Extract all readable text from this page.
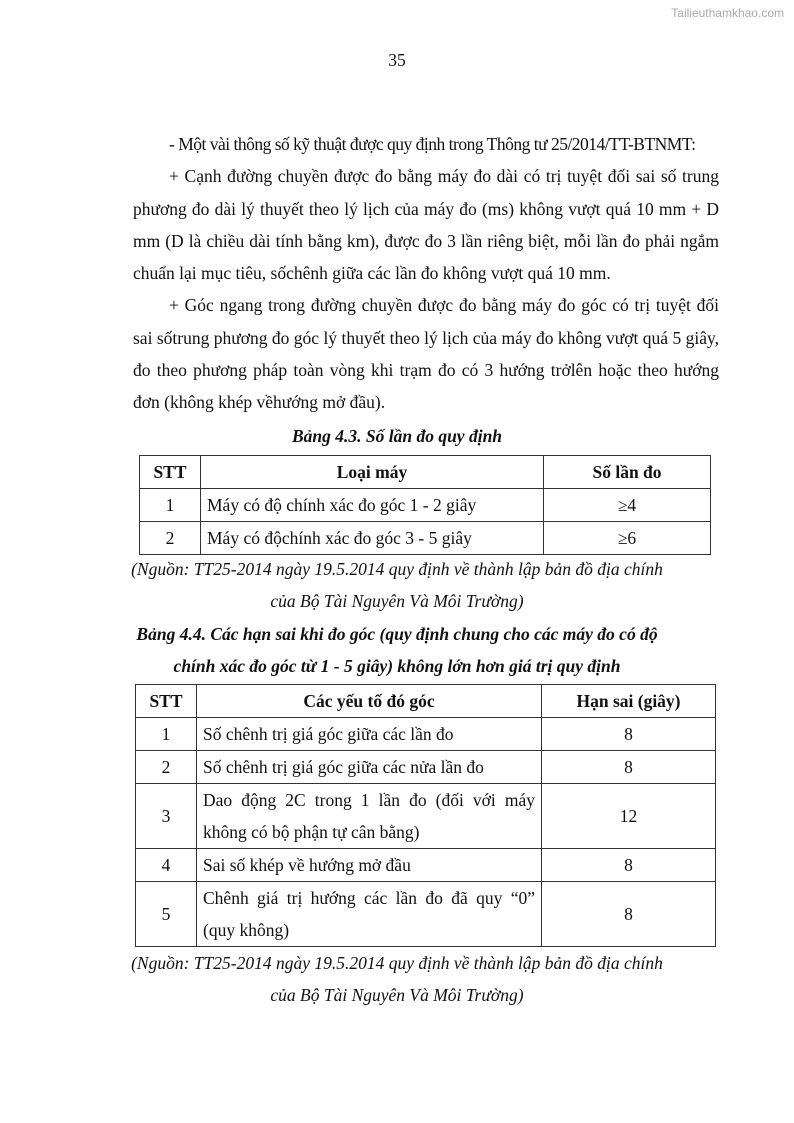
Tailieuthamkhao.com
35

- Một vài thông số kỹ thuật được quy định trong Thông tư 25/2014/TT-BTNMT:

+ Cạnh đường chuyền được đo bằng máy đo dài có trị tuyệt đối sai số trung phương đo dài lý thuyết theo lý lịch của máy đo (ms) không vượt quá 10 mm + D mm (D là chiều dài tính bằng km), được đo 3 lần riêng biệt, mỗi lần đo phải ngắm chuẩn lại mục tiêu, sốchênh giữa các lần đo không vượt quá 10 mm.

+ Góc ngang trong đường chuyền được đo bằng máy đo góc có trị tuyệt đối sai sốtrung phương đo góc lý thuyết theo lý lịch của máy đo không vượt quá 5 giây, đo theo phương pháp toàn vòng khi trạm đo có 3 hướng trởlên hoặc theo hướng đơn (không khép vềhướng mở đầu).

Bảng 4.3. Số lần đo quy định
STT	Loại máy	Số lần đo
1	Máy có độ chính xác đo góc 1 - 2 giây	≥4
2	Máy có độchính xác đo góc 3 - 5 giây	≥6
(Nguồn: TT25-2014 ngày 19.5.2014 quy định về thành lập bản đồ địa chính
của Bộ Tài Nguyên Và Môi Trường)
Bảng 4.4. Các hạn sai khi đo góc (quy định chung cho các máy đo có độ
chính xác đo góc từ 1 - 5 giây) không lớn hơn giá trị quy định
STT	Các yếu tố đó góc	Hạn sai (giây)
1	Số chênh trị giá góc giữa các lần đo	8
2	Số chênh trị giá góc giữa các nửa lần đo	8
3	Dao động 2C trong 1 lần đo (đối với máy không có bộ phận tự cân bằng)	12
4	Sai số khép về hướng mở đầu	8
5	Chênh giá trị hướng các lần đo đã quy “0” (quy không)	8
(Nguồn: TT25-2014 ngày 19.5.2014 quy định về thành lập bản đồ địa chính
của Bộ Tài Nguyên Và Môi Trường)
